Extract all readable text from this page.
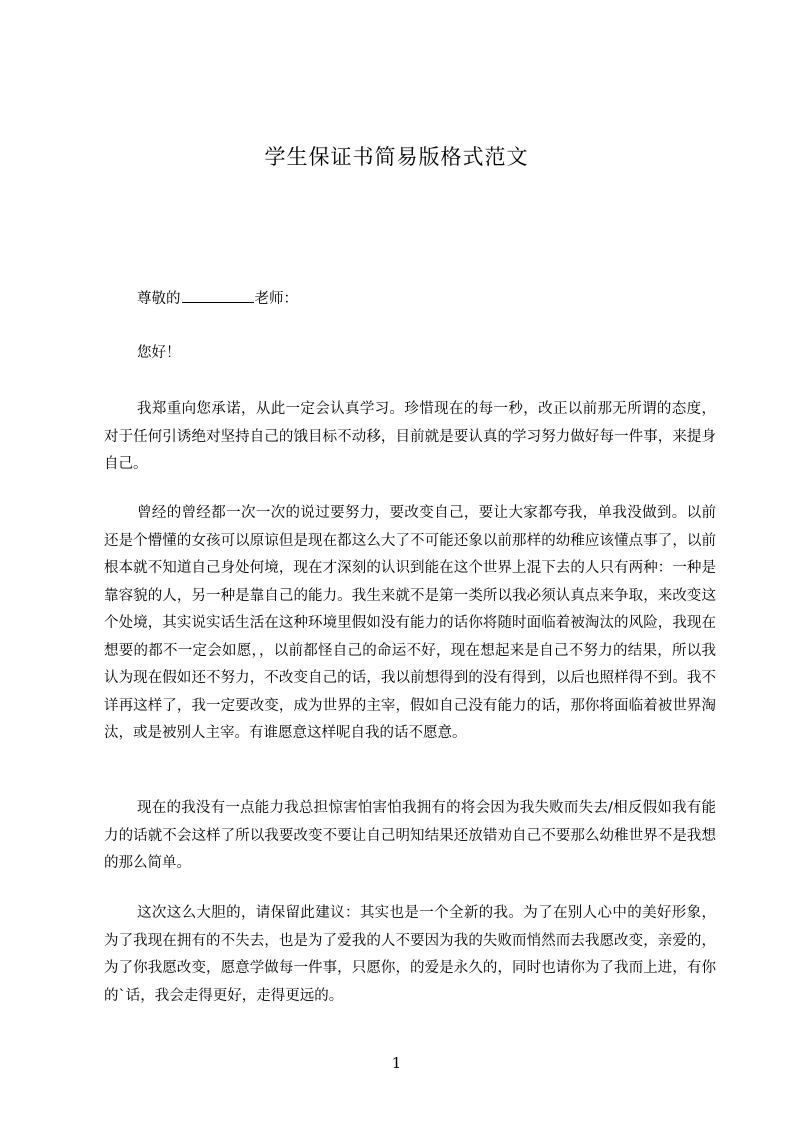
学生保证书简易版格式范文
尊敬的	老师：
您好！
我郑重向您承诺，从此一定会认真学习。珍惜现在的每一秒，改正以前那无所谓的态度，对于任何引诱绝对坚持自己的饿目标不动移，目前就是要认真的学习努力做好每一件事，来提身自己。
曾经的曾经都一次一次的说过要努力，要改变自己，要让大家都夸我，单我没做到。以前还是个懵懂的女孩可以原谅但是现在都这么大了不可能还象以前那样的幼稚应该懂点事了，以前根本就不知道自己身处何境，现在才深刻的认识到能在这个世界上混下去的人只有两种：一种是靠容貌的人，另一种是靠自己的能力。我生来就不是第一类所以我必须认真点来争取，来改变这个处境，其实说实话生活在这种环境里假如没有能力的话你将随时面临着被淘汰的风险，我现在想要的都不一定会如愿，，以前都怪自己的命运不好，现在想起来是自己不努力的结果，所以我认为现在假如还不努力，不改变自己的话，我以前想得到的没有得到，以后也照样得不到。我不详再这样了，我一定要改变，成为世界的主宰，假如自己没有能力的话，那你将面临着被世界淘汰，或是被别人主宰。有谁愿意这样呢自我的话不愿意。
现在的我没有一点能力我总担惊害怕害怕我拥有的将会因为我失败而失去/相反假如我有能力的话就不会这样了所以我要改变不要让自己明知结果还放错劝自己不要那么幼稚世界不是我想的那么简单。
这次这么大胆的，请保留此建议：其实也是一个全新的我。为了在别人心中的美好形象，为了我现在拥有的不失去，也是为了爱我的人不要因为我的失败而悄然而去我愿改变，亲爱的，为了你我愿改变，愿意学做每一件事，只愿你，的爱是永久的，同时也请你为了我而上进，有你的`话，我会走得更好，走得更远的。
1
